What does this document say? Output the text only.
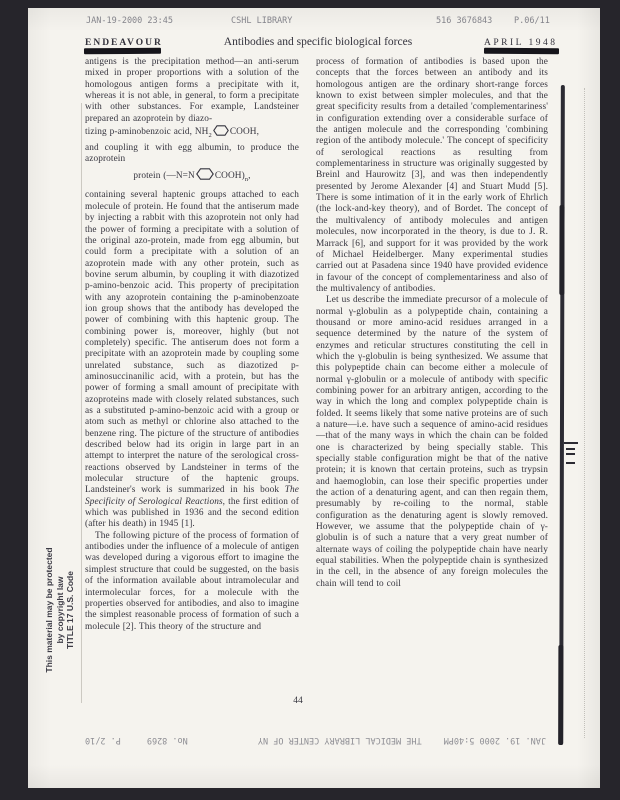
JAN-19-2000 23:45	CSHL LIBRARY	516 3676843	P.06/11
ENDEAVOUR	Antibodies and specific biological forces	APRIL 1948

antigens is the precipitation method—an anti-serum mixed in proper proportions with a solution of the homologous antigen forms a precipitate with it, whereas it is not able, in general, to form a precipitate with other substances. For example, Landsteiner prepared an azoprotein by diazo-

tizing p-aminobenzoic acid, $NH_2$ COOH,

and coupling it with egg albumin, to produce the azoprotein

protein (—N=N $COOH)_n$,

containing several haptenic groups attached to each molecule of protein. He found that the antiserum made by injecting a rabbit with this azoprotein not only had the power of forming a precipitate with a solution of the original azo-protein, made from egg albumin, but could form a precipitate with a solution of an azoprotein made with any other protein, such as bovine serum albumin, by coupling it with diazotized p-amino-benzoic acid. This property of precipitation with any azoprotein containing the p-aminobenzoate ion group shows that the antibody has developed the power of combining with this haptenic group. The combining power is, moreover, highly (but not completely) specific. The antiserum does not form a precipitate with an azoprotein made by coupling some unrelated substance, such as diazotized p-aminosuccinanilic acid, with a protein, but has the power of forming a small amount of precipitate with azoproteins made with closely related substances, such as a substituted p-amino-benzoic acid with a group or atom such as methyl or chlorine also attached to the benzene ring. The picture of the structure of antibodies described below had its origin in large part in an attempt to interpret the nature of the serological cross-reactions observed by Landsteiner in terms of the molecular structure of the haptenic groups. Landsteiner's work is summarized in his book The Specificity of Serological Reactions, the first edition of which was published in 1936 and the second edition (after his death) in 1945 [1].

The following picture of the process of formation of antibodies under the influence of a molecule of antigen was developed during a vigorous effort to imagine the simplest structure that could be suggested, on the basis of the information available about intramolecular and intermolecular forces, for a molecule with the properties observed for antibodies, and also to imagine the simplest reasonable process of formation of such a molecule [2]. This theory of the structure and

process of formation of antibodies is based upon the concepts that the forces between an antibody and its homologous antigen are the ordinary short-range forces known to exist between simpler molecules, and that the great specificity results from a detailed 'complementariness' in configuration extending over a considerable surface of the antigen molecule and the corresponding 'combining region of the antibody molecule.' The concept of specificity of serological reactions as resulting from complementariness in structure was originally suggested by Breinl and Haurowitz [3], and was then independently presented by Jerome Alexander [4] and Stuart Mudd [5]. There is some intimation of it in the early work of Ehrlich (the lock-and-key theory), and of Bordet. The concept of the multivalency of antibody molecules and antigen molecules, now incorporated in the theory, is due to J. R. Marrack [6], and support for it was provided by the work of Michael Heidelberger. Many experimental studies carried out at Pasadena since 1940 have provided evidence in favour of the concept of complementariness and also of the multivalency of antibodies.

Let us describe the immediate precursor of a molecule of normal γ-globulin as a polypeptide chain, containing a thousand or more amino-acid residues arranged in a sequence determined by the nature of the system of enzymes and reticular structures constituting the cell in which the γ-globulin is being synthesized. We assume that this polypeptide chain can become either a molecule of normal γ-globulin or a molecule of antibody with specific combining power for an arbitrary antigen, according to the way in which the long and complex polypeptide chain is folded. It seems likely that some native proteins are of such a nature—i.e. have such a sequence of amino-acid residues—that of the many ways in which the chain can be folded one is characterized by being specially stable. This specially stable configuration might be that of the native protein; it is known that certain proteins, such as trypsin and haemoglobin, can lose their specific properties under the action of a denaturing agent, and can then regain them, presumably by re-coiling to the normal, stable configuration as the denaturing agent is slowly removed. However, we assume that the polypeptide chain of γ-globulin is of such a nature that a very great number of alternate ways of coiling the polypeptide chain have nearly equal stabilities. When the polypeptide chain is synthesized in the cell, in the absence of any foreign molecules the chain will tend to coil

44
This material may be protected by copyright law TITLE 17 U.S. Code
JAN. 19. 2000 5:40PM
THE MEDICAL LIBRARY CENTER OF NY
No. 8269
P. 2/10
